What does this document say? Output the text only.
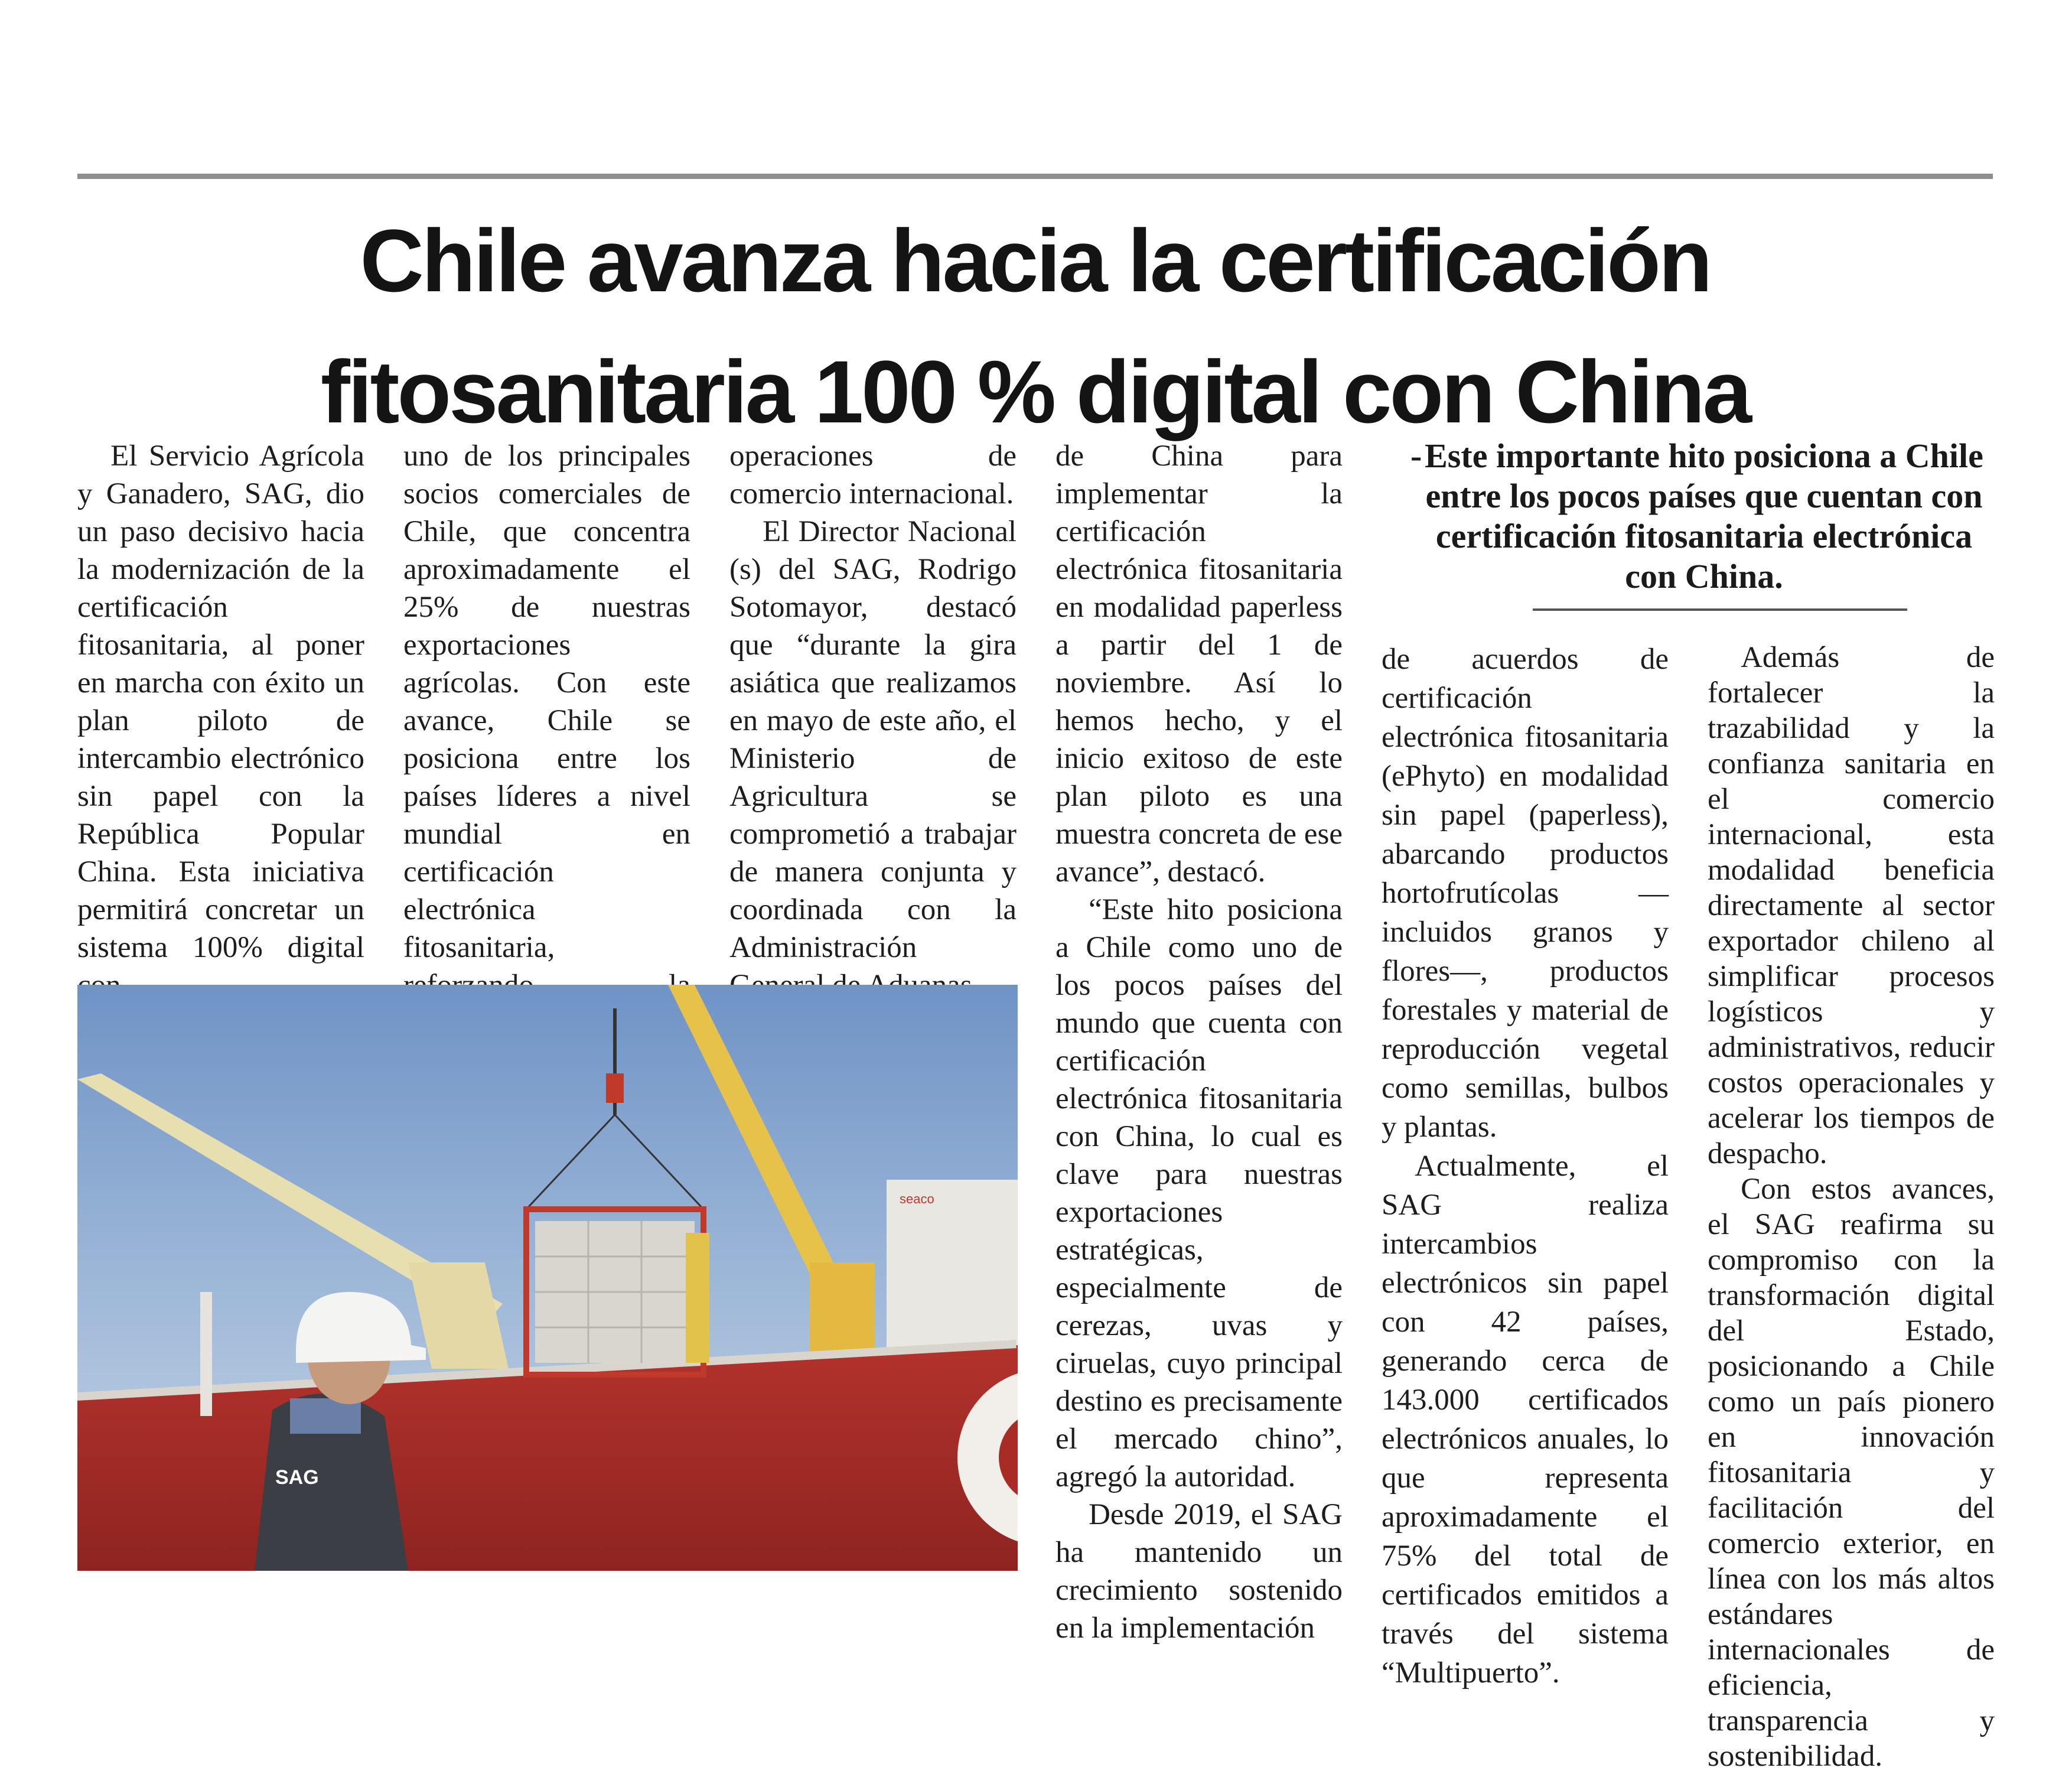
Chile avanza hacia la certificación
fitosanitaria 100 % digital con China

El Servicio Agrícola y Ganadero, SAG, dio un paso decisivo hacia la modernización de la certificación fitosanitaria, al poner en marcha con éxito un plan piloto de intercambio electrónico sin papel con la República Popular China. Esta iniciativa permitirá concretar un sistema 100% digital

uno de los principales socios comerciales de Chile, que concentra aproximadamente el 25% de nuestras exportaciones agrícolas. Con este avance, Chile se posiciona entre los países líderes a nivel mundial en certificación electrónica fitosanitaria,

operaciones de comercio internacional.

El Director Nacional (s) del SAG, Rodrigo Sotomayor, destacó que “durante la gira asiática que realizamos en mayo de este año, el Ministerio de Agricultura se comprometió a trabajar de manera conjunta y coordinada con la Administración

de China para implementar la certificación electrónica fitosanitaria en modalidad paperless a partir del 1 de noviembre. Así lo hemos hecho, y el inicio exitoso de este plan piloto es una muestra concreta de ese avance”, destacó.

“Este hito posiciona a Chile como uno de los pocos países del mundo que cuenta con certificación electrónica fitosanitaria con China, lo cual es clave para nuestras exportaciones estratégicas, especialmente de cerezas, uvas y ciruelas, cuyo principal destino es precisamente el mercado chino”, agregó la autoridad.

Desde 2019, el SAG ha mantenido un crecimiento sostenido en la implementación

- Este importante hito posiciona a Chile entre los pocos países que cuentan con certificación fitosanitaria electrónica con China.

de acuerdos de certificación electrónica fitosanitaria (ePhyto) en modalidad sin papel (paperless), abarcando productos hortofrutícolas —incluidos granos y flores—, productos forestales y material de reproducción vegetal como semillas, bulbos y plantas.

Actualmente, el SAG realiza intercambios electrónicos sin papel con 42 países, generando cerca de 143.000 certificados electrónicos anuales, lo que representa aproximadamente el 75% del total de certificados emitidos a través del sistema “Multipuerto”.

Además de fortalecer la trazabilidad y la confianza sanitaria en el comercio internacional, esta modalidad beneficia directamente al sector exportador chileno al simplificar procesos logísticos y administrativos, reducir costos operacionales y acelerar los tiempos de despacho.

Con estos avances, el SAG reafirma su compromiso con la transformación digital del Estado, posicionando a Chile como un país pionero en innovación fitosanitaria y facilitación del comercio exterior, en línea con los más altos estándares internacionales de eficiencia, transparencia y sostenibilidad.

seaco
SAG
